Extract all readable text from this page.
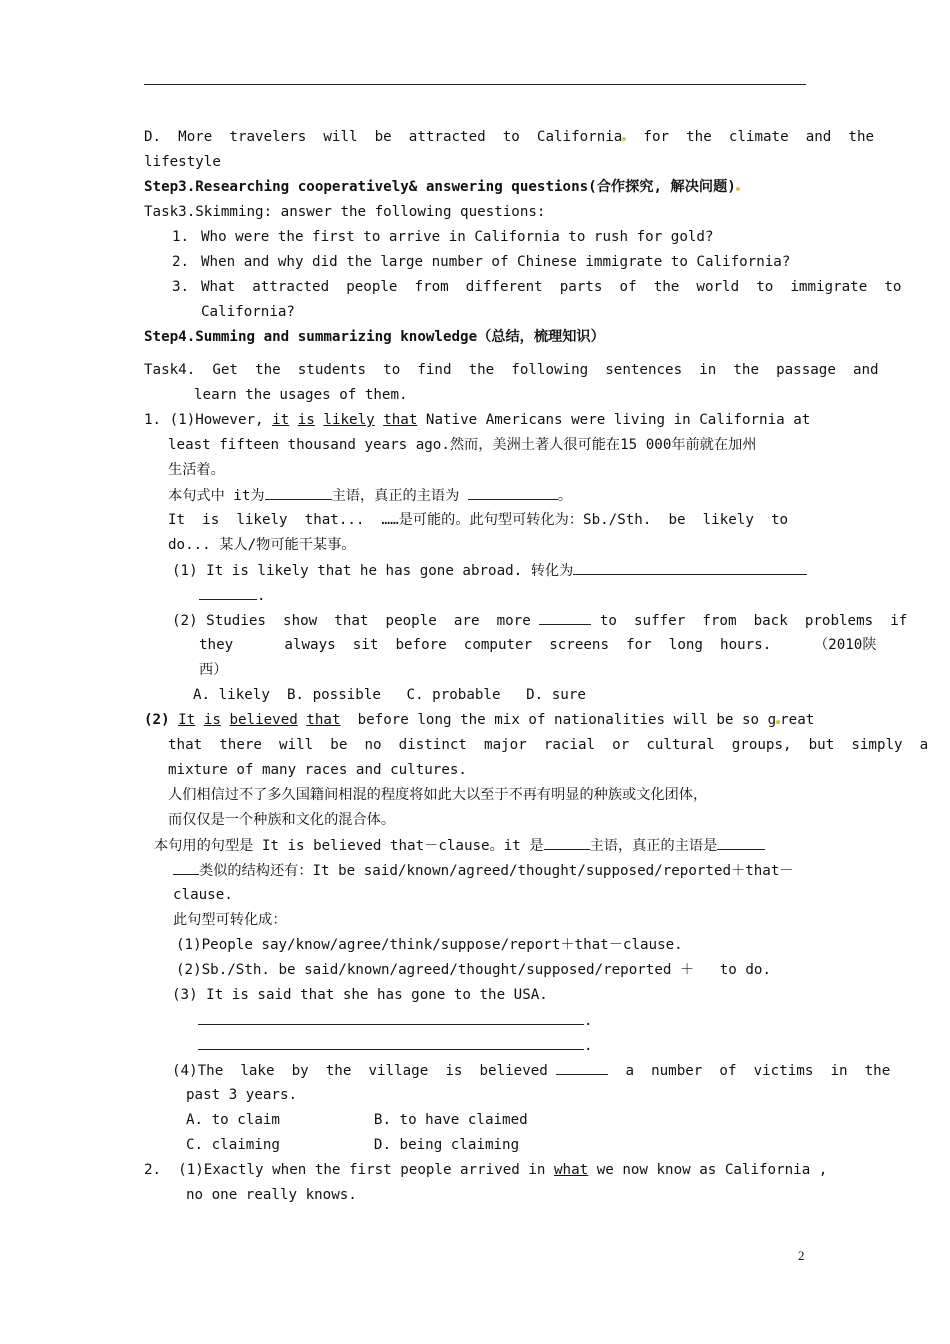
D.  More  travelers  will  be  attracted  to  California  for  the  climate  and  the
lifestyle
Step3.Researching cooperatively& answering questions(合作探究, 解决问题)
Task3.Skimming: answer the following questions:
1. Who were the first to arrive in California to rush for gold?
2. When and why did the large number of Chinese immigrate to California?
3. What  attracted  people  from  different  parts  of  the  world  to  immigrate  to
California?
Step4.Summing and summarizing knowledge（总结，梳理知识）
Task4.  Get  the  students  to  find  the  following  sentences  in  the  passage  and
learn the usages of them.
1. (1)However, it is likely that Native Americans were living in California at
least fifteen thousand years ago.然而，美洲土著人很可能在15 000年前就在加州
生活着。
本句式中 it为	主语，真正的主语为	。
It  is  likely  that...  ……是可能的。此句型可转化为：Sb./Sth.  be  likely  to
do... 某人/物可能干某事。
(1) It is likely that he has gone abroad. 转化为
.
(2) Studies  show  that  people  are  more	to  suffer  from  back  problems  if
they      always  sit  before  computer  screens  for  long  hours.     （2010陕
西）
A. likely  B. possible   C. probable   D. sure
(2) It is believed that  before long the mix of nationalities will be so g reat
that  there  will  be  no  distinct  major  racial  or  cultural  groups,  but  simply  a
mixture of many races and cultures.
人们相信过不了多久国籍间相混的程度将如此大以至于不再有明显的种族或文化团体，
而仅仅是一个种族和文化的混合体。
本句用的句型是 It is believed that－clause。it 是	主语，真正的主语是
类似的结构还有：It be said/known/agreed/thought/supposed/reported＋that－
clause.
此句型可转化成：
(1)People say/know/agree/think/suppose/report＋that－clause.
(2)Sb./Sth. be said/known/agreed/thought/supposed/reported ＋   to do.
(3) It is said that she has gone to the USA.
.
.
(4)The  lake  by  the  village  is  believed	a  number  of  victims  in  the
past 3 years.
A. to claim           B. to have claimed
C. claiming           D. being claiming
2.  (1)Exactly when the first people arrived in what we now know as California ,
no one really knows.
2
